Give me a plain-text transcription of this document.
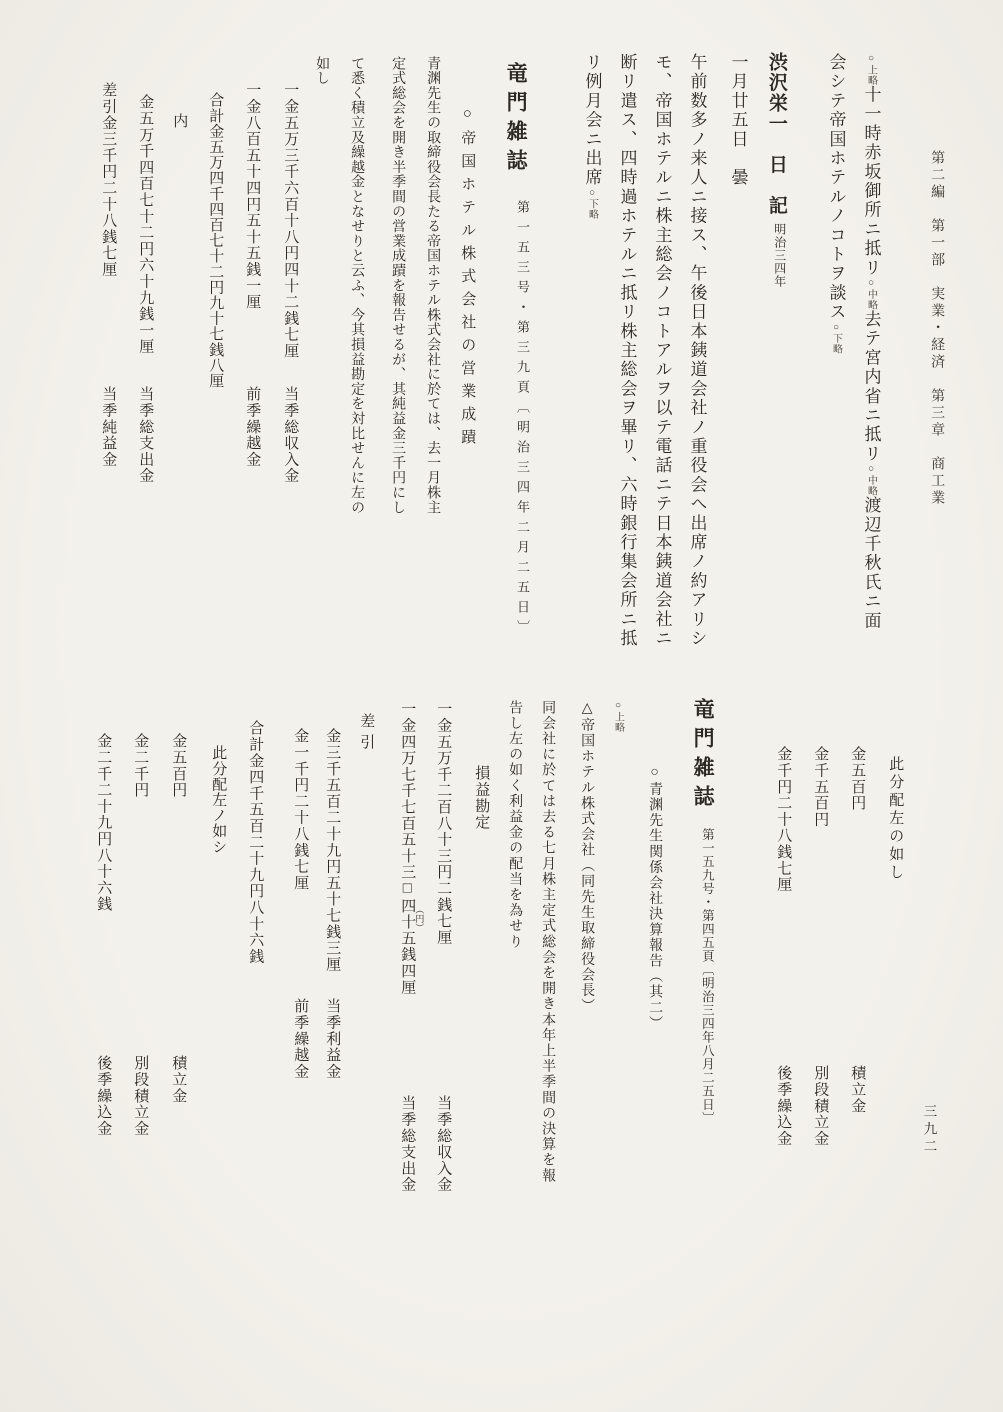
第二編　第一部　実業・経済　第三章　商工業
○上略十一時赤坂御所ニ抵リ○中略去テ宮内省ニ抵リ○中略渡辺千秋氏ニ面
会シテ帝国ホテルノコトヲ談ス○下略
渋沢栄一　日　記
明治三四年
一月廿五日　曇
午前数多ノ来人ニ接ス、午後日本銕道会社ノ重役会へ出席ノ約アリシ
モ、帝国ホテルニ株主総会ノコトアルヲ以テ電話ニテ日本銕道会社ニ
断リ遣ス、四時過ホテルニ抵リ株主総会ヲ畢リ、六時銀行集会所ニ抵
リ例月会ニ出席○下略
竜門雑誌
第一五三号・第三九頁〔明治三四年二月二五日〕
○帝国ホテル株式会社の営業成蹟
青渊先生の取締役会長たる帝国ホテル株式会社に於ては、去一月株主
定式総会を開き半季間の営業成蹟を報告せるが、其純益金三千円にし
て悉く積立及繰越金となせりと云ふ、今其損益勘定を対比せんに左の
如し
一金五万三千六百十八円四十二銭七厘
当季総収入金
一金八百五十四円五十五銭一厘
前季繰越金
合計金五万四千四百七十二円九十七銭八厘
内
金五万千四百七十二円六十九銭一厘
当季総支出金
差引金三千円二十八銭七厘
当季純益金
此分配左の如し
金五百円
積立金
金千五百円
別段積立金
金千円二十八銭七厘
後季繰込金
竜門雑誌
第一五九号・第四五頁〔明治三四年八月二五日〕
○青渊先生関係会社決算報告（其二）
○上略
△帝国ホテル株式会社（同先生取締役会長）
同会社に於ては去る七月株主定式総会を開き本年上半季間の決算を報
告し左の如く利益金の配当を為せり
損益勘定
一金五万千二百八十三円二銭七厘
当季総収入金
一金四万七千七百五十三□四十五銭四厘 （円）
当季総支出金
差引
金三千五百二十九円五十七銭三厘
当季利益金
金一千円二十八銭七厘
前季繰越金
合計金四千五百二十九円八十六銭
此分配左ノ如シ
金五百円
積立金
金二千円
別段積立金
金二千二十九円八十六銭
後季繰込金	三九二
